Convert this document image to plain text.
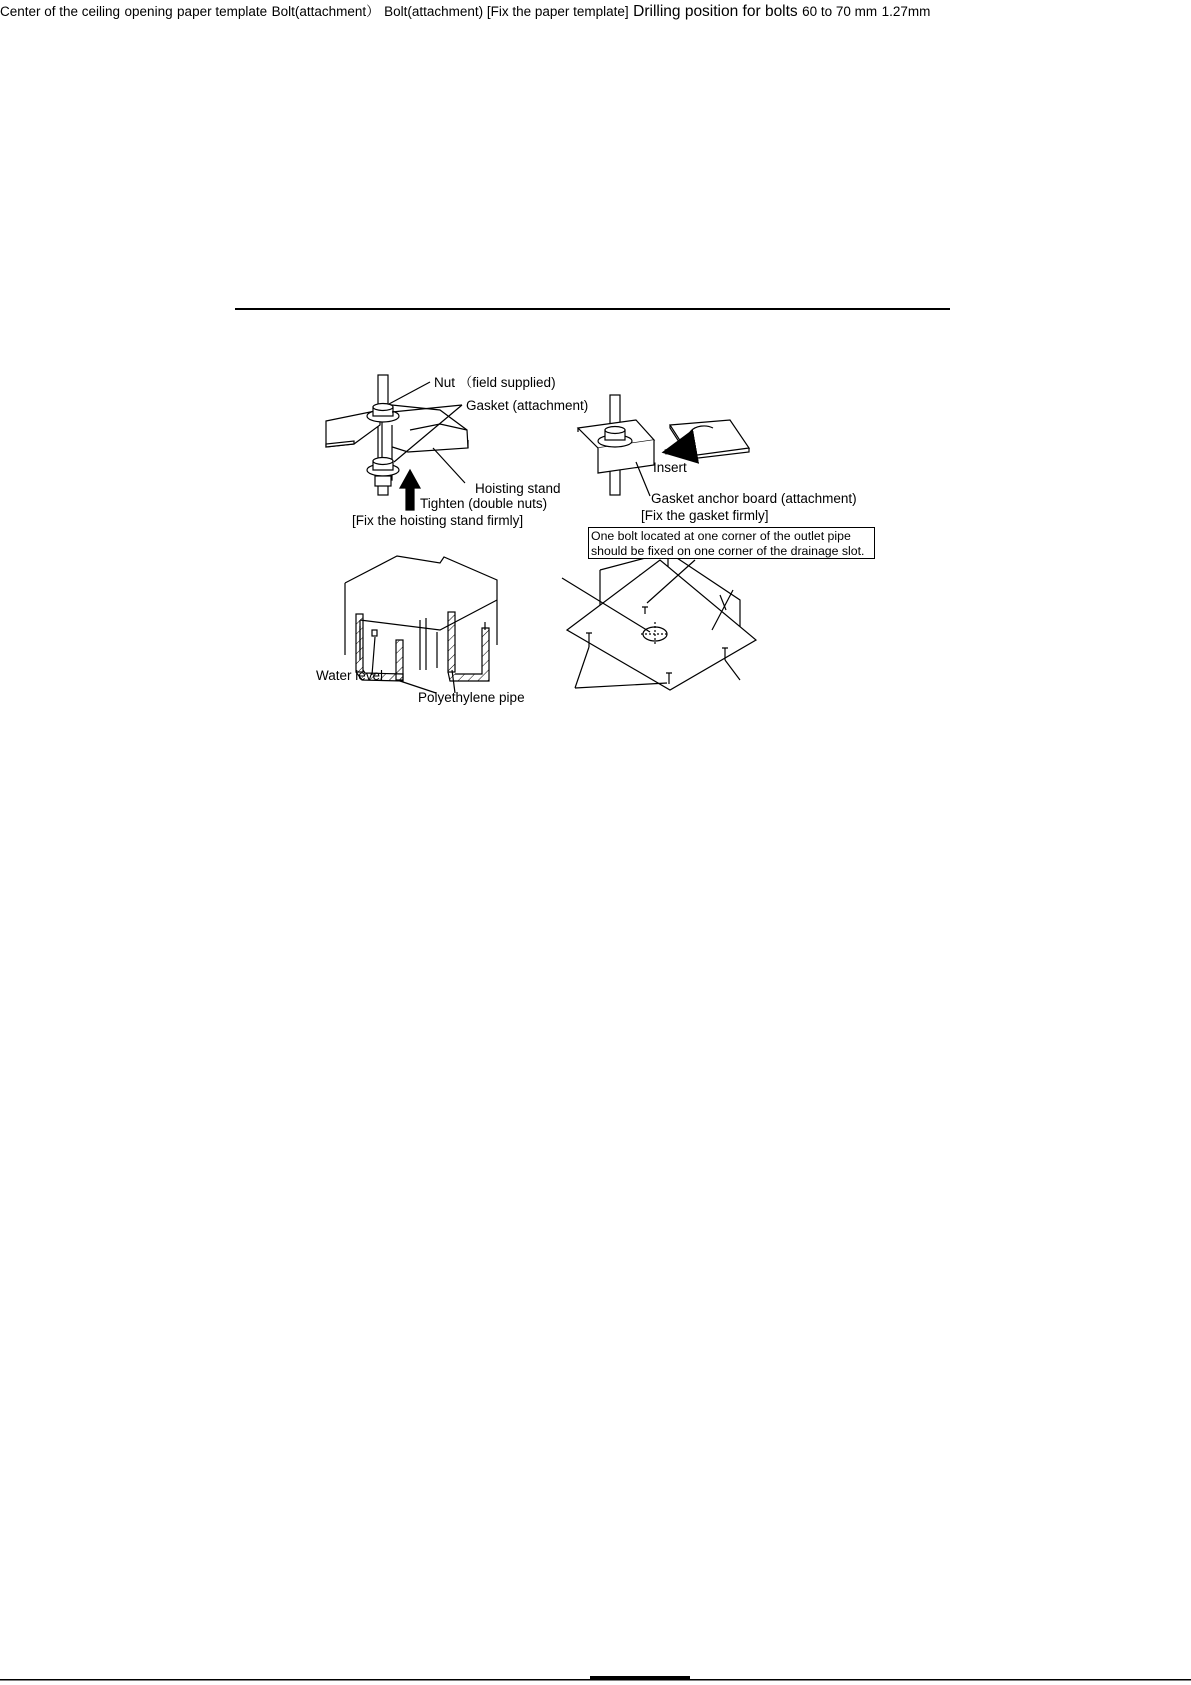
Nut （field supplied)
Gasket (attachment)
Hoisting stand
Tighten (double nuts)
[Fix the hoisting stand firmly]
Insert
Gasket anchor board (attachment)
[Fix the gasket firmly]
Water level
Polyethylene pipe
One bolt located at one corner of the outlet pipe
should be fixed on one corner of the drainage slot.
Center of the ceiling opening paper template Bolt(attachment） Bolt(attachment) [Fix the paper template] Drilling position for bolts 60 to 70 mm 1.27mm
